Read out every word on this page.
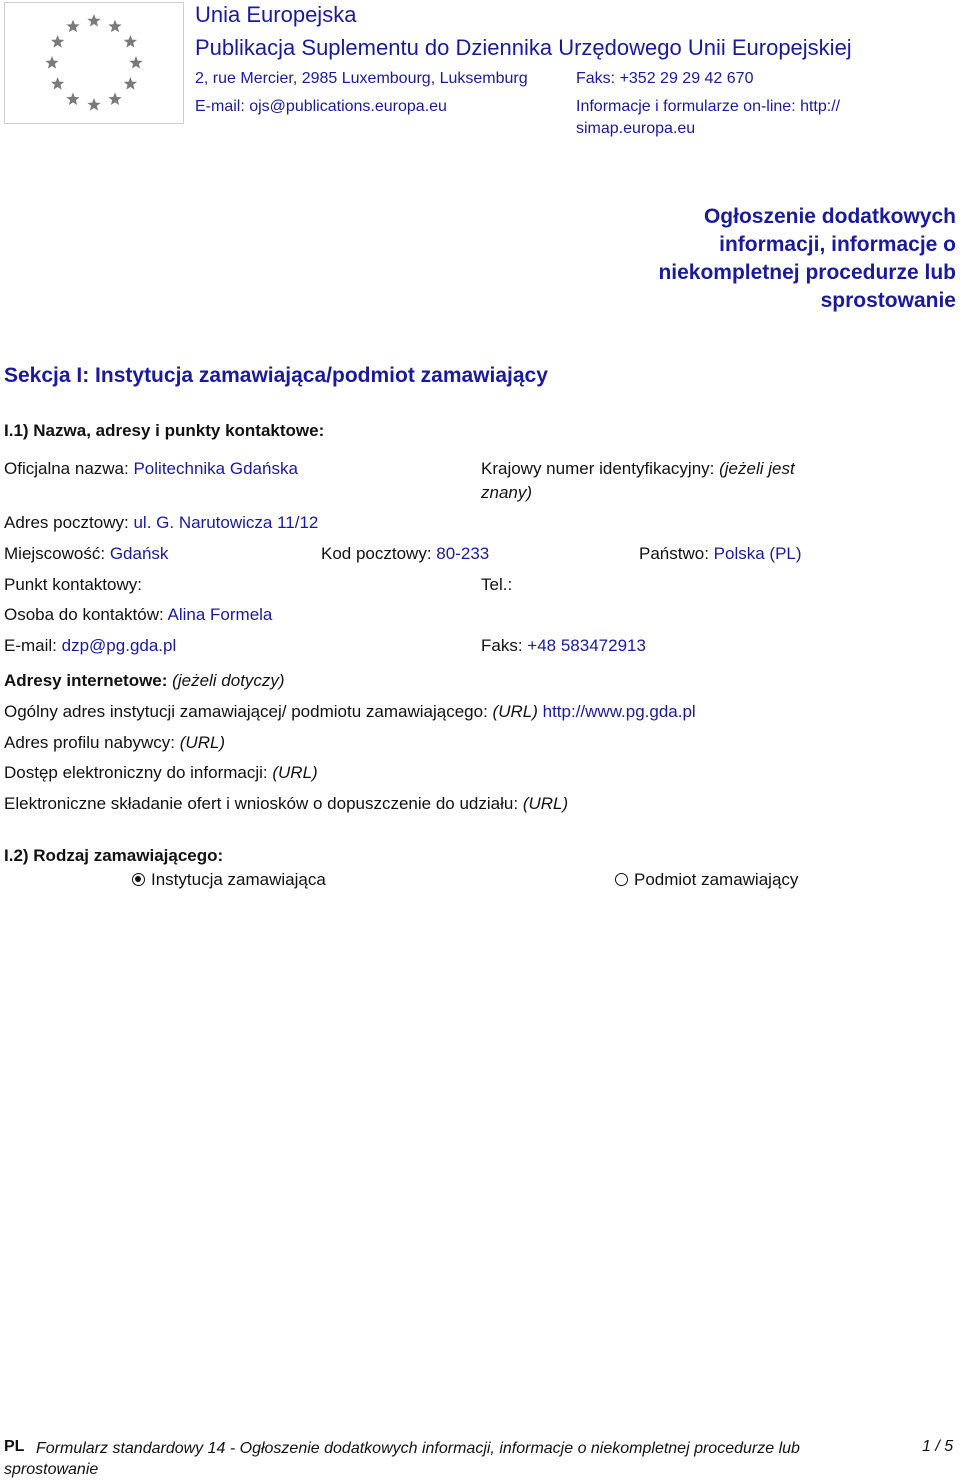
Unia Europejska
Publikacja Suplementu do Dziennika Urzędowego Unii Europejskiej
2, rue Mercier, 2985 Luxembourg, Luksemburg	Faks: +352 29 29 42 670
E-mail: ojs@publications.europa.eu	Informacje i formularze on-line: http://
simap.europa.eu
Ogłoszenie dodatkowych informacji, informacje o niekompletnej procedurze lub sprostowanie
Sekcja I: Instytucja zamawiająca/podmiot zamawiający
I.1) Nazwa, adresy i punkty kontaktowe:
Oficjalna nazwa: Politechnika Gdańska	Krajowy numer identyfikacyjny: (jeżeli jest
znany)
Adres pocztowy: ul. G. Narutowicza 11/12
Miejscowość: Gdańsk	Kod pocztowy: 80-233	Państwo: Polska (PL)
Punkt kontaktowy:	Tel.:
Osoba do kontaktów: Alina Formela
E-mail: dzp@pg.gda.pl	Faks: +48 583472913
Adresy internetowe: (jeżeli dotyczy)
Ogólny adres instytucji zamawiającej/ podmiotu zamawiającego: (URL) http://www.pg.gda.pl
Adres profilu nabywcy: (URL)
Dostęp elektroniczny do informacji: (URL)
Elektroniczne składanie ofert i wniosków o dopuszczenie do udziału: (URL)
I.2) Rodzaj zamawiającego:
Instytucja zamawiająca	Podmiot zamawiający
PL Formularz standardowy 14 - Ogłoszenie dodatkowych informacji, informacje o niekompletnej procedurze lub sprostowanie
1 / 5
